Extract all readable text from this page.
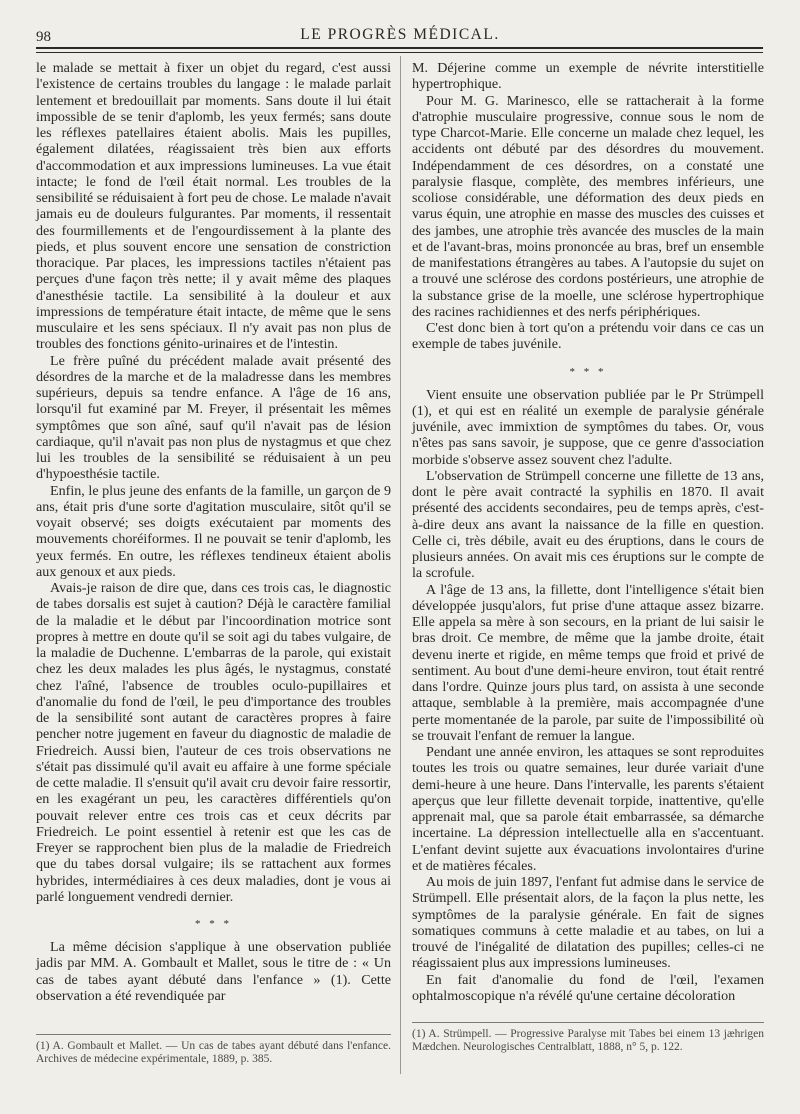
98	LE PROGRÈS MÉDICAL.

le malade se mettait à fixer un objet du regard, c'est aussi l'existence de certains troubles du langage : le malade parlait lentement et bredouillait par moments. Sans doute il lui était impossible de se tenir d'aplomb, les yeux fermés; sans doute les réflexes patellaires étaient abolis. Mais les pupilles, également dilatées, réagissaient très bien aux efforts d'accommodation et aux impressions lumineuses. La vue était intacte; le fond de l'œil était normal. Les troubles de la sensibilité se réduisaient à fort peu de chose. Le malade n'avait jamais eu de douleurs fulgurantes. Par moments, il ressentait des fourmillements et de l'engourdissement à la plante des pieds, et plus souvent encore une sensation de constriction thoracique. Par places, les impressions tactiles n'étaient pas perçues d'une façon très nette; il y avait même des plaques d'anesthésie tactile. La sensibilité à la douleur et aux impressions de température était intacte, de même que le sens musculaire et les sens spéciaux. Il n'y avait pas non plus de troubles des fonctions génito-urinaires et de l'intestin.

Le frère puîné du précédent malade avait présenté des désordres de la marche et de la maladresse dans les membres supérieurs, depuis sa tendre enfance. A l'âge de 16 ans, lorsqu'il fut examiné par M. Freyer, il présentait les mêmes symptômes que son aîné, sauf qu'il n'avait pas de lésion cardiaque, qu'il n'avait pas non plus de nystagmus et que chez lui les troubles de la sensibilité se réduisaient à un peu d'hypoesthésie tactile.

Enfin, le plus jeune des enfants de la famille, un garçon de 9 ans, était pris d'une sorte d'agitation musculaire, sitôt qu'il se voyait observé; ses doigts exécutaient par moments des mouvements choréiformes. Il ne pouvait se tenir d'aplomb, les yeux fermés. En outre, les réflexes tendineux étaient abolis aux genoux et aux pieds.

Avais-je raison de dire que, dans ces trois cas, le diagnostic de tabes dorsalis est sujet à caution? Déjà le caractère familial de la maladie et le début par l'incoordination motrice sont propres à mettre en doute qu'il se soit agi du tabes vulgaire, de la maladie de Duchenne. L'embarras de la parole, qui existait chez les deux malades les plus âgés, le nystagmus, constaté chez l'aîné, l'absence de troubles oculo-pupillaires et d'anomalie du fond de l'œil, le peu d'importance des troubles de la sensibilité sont autant de caractères propres à faire pencher notre jugement en faveur du diagnostic de maladie de Friedreich. Aussi bien, l'auteur de ces trois observations ne s'était pas dissimulé qu'il avait eu affaire à une forme spéciale de cette maladie. Il s'ensuit qu'il avait cru devoir faire ressortir, en les exagérant un peu, les caractères différentiels qu'on pouvait relever entre ces trois cas et ceux décrits par Friedreich. Le point essentiel à retenir est que les cas de Freyer se rapprochent bien plus de la maladie de Friedreich que du tabes dorsal vulgaire; ils se rattachent aux formes hybrides, intermédiaires à ces deux maladies, dont je vous ai parlé longuement vendredi dernier.

* * *

La même décision s'applique à une observation publiée jadis par MM. A. Gombault et Mallet, sous le titre de : « Un cas de tabes ayant débuté dans l'enfance » (1). Cette observation a été revendiquée par

M. Déjerine comme un exemple de névrite interstitielle hypertrophique.

Pour M. G. Marinesco, elle se rattacherait à la forme d'atrophie musculaire progressive, connue sous le nom de type Charcot-Marie. Elle concerne un malade chez lequel, les accidents ont débuté par des désordres du mouvement. Indépendamment de ces désordres, on a constaté une paralysie flasque, complète, des membres inférieurs, une scoliose considérable, une déformation des deux pieds en varus équin, une atrophie en masse des muscles des cuisses et des jambes, une atrophie très avancée des muscles de la main et de l'avant-bras, moins prononcée au bras, bref un ensemble de manifestations étrangères au tabes. A l'autopsie du sujet on a trouvé une sclérose des cordons postérieurs, une atrophie de la substance grise de la moelle, une sclérose hypertrophique des racines rachidiennes et des nerfs périphériques.

C'est donc bien à tort qu'on a prétendu voir dans ce cas un exemple de tabes juvénile.

* * *

Vient ensuite une observation publiée par le Pr Strümpell (1), et qui est en réalité un exemple de paralysie générale juvénile, avec immixtion de symptômes du tabes. Or, vous n'êtes pas sans savoir, je suppose, que ce genre d'association morbide s'observe assez souvent chez l'adulte.

L'observation de Strümpell concerne une fillette de 13 ans, dont le père avait contracté la syphilis en 1870. Il avait présenté des accidents secondaires, peu de temps après, c'est-à-dire deux ans avant la naissance de la fille en question. Celle ci, très débile, avait eu des éruptions, dans le cours de plusieurs années. On avait mis ces éruptions sur le compte de la scrofule.

A l'âge de 13 ans, la fillette, dont l'intelligence s'était bien développée jusqu'alors, fut prise d'une attaque assez bizarre. Elle appela sa mère à son secours, en la priant de lui saisir le bras droit. Ce membre, de même que la jambe droite, était devenu inerte et rigide, en même temps que froid et privé de sentiment. Au bout d'une demi-heure environ, tout était rentré dans l'ordre. Quinze jours plus tard, on assista à une seconde attaque, semblable à la première, mais accompagnée d'une perte momentanée de la parole, par suite de l'impossibilité où se trouvait l'enfant de remuer la langue.

Pendant une année environ, les attaques se sont reproduites toutes les trois ou quatre semaines, leur durée variait d'une demi-heure à une heure. Dans l'intervalle, les parents s'étaient aperçus que leur fillette devenait torpide, inattentive, qu'elle apprenait mal, que sa parole était embarrassée, sa démarche incertaine. La dépression intellectuelle alla en s'accentuant. L'enfant devint sujette aux évacuations involontaires d'urine et de matières fécales.

Au mois de juin 1897, l'enfant fut admise dans le service de Strümpell. Elle présentait alors, de la façon la plus nette, les symptômes de la paralysie générale. En fait de signes somatiques communs à cette maladie et au tabes, on lui a trouvé de l'inégalité de dilatation des pupilles; celles-ci ne réagissaient plus aux impressions lumineuses.

En fait d'anomalie du fond de l'œil, l'examen ophtalmoscopique n'a révélé qu'une certaine décoloration

(1) A. Gombault et Mallet. — Un cas de tabes ayant débuté dans l'enfance. Archives de médecine expérimentale, 1889, p. 385.
(1) A. Strümpell. — Progressive Paralyse mit Tabes bei einem 13 jæhrigen Mædchen. Neurologisches Centralblatt, 1888, n° 5, p. 122.
